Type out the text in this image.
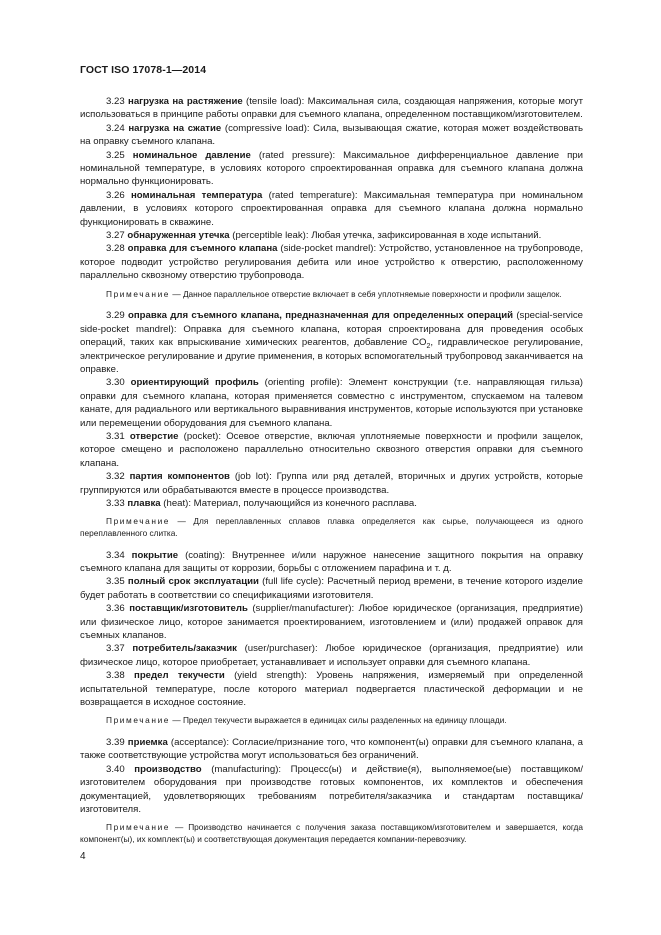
ГОСТ ISO 17078-1—2014

3.23 нагрузка на растяжение (tensile load): Максимальная сила, создающая напряжения, которые могут использоваться в принципе работы оправки для съемного клапана, определенном поставщиком/изготовителем.

3.24 нагрузка на сжатие (compressive load): Сила, вызывающая сжатие, которая может воздействовать на оправку съемного клапана.

3.25 номинальное давление (rated pressure): Максимальное дифференциальное давление при номинальной температуре, в условиях которого спроектированная оправка для съемного клапана должна нормально функционировать.

3.26 номинальная температура (rated temperature): Максимальная температура при номинальном давлении, в условиях которого спроектированная оправка для съемного клапана должна нормально функционировать в скважине.

3.27 обнаруженная утечка (perceptible leak): Любая утечка, зафиксированная в ходе испытаний.

3.28 оправка для съемного клапана (side-pocket mandrel): Устройство, установленное на трубопроводе, которое подводит устройство регулирования дебита или иное устройство к отверстию, расположенному параллельно сквозному отверстию трубопровода.

Примечание — Данное параллельное отверстие включает в себя уплотняемые поверхности и профили защелок.

3.29 оправка для съемного клапана, предназначенная для определенных операций (special-service side-pocket mandrel): Оправка для съемного клапана, которая спроектирована для проведения особых операций, таких как впрыскивание химических реагентов, добавление $CO_2$, гидравлическое регулирование, электрическое регулирование и другие применения, в которых вспомогательный трубопровод заканчивается на оправке.

3.30 ориентирующий профиль (orienting profile): Элемент конструкции (т.е. направляющая гильза) оправки для съемного клапана, которая применяется совместно с инструментом, спускаемом на талевом канате, для радиального или вертикального выравнивания инструментов, которые используются при установке или перемещении оборудования для съемного клапана.

3.31 отверстие (pocket): Осевое отверстие, включая уплотняемые поверхности и профили защелок, которое смещено и расположено параллельно относительно сквозного отверстия оправки для съемного клапана.

3.32 партия компонентов (job lot): Группа или ряд деталей, вторичных и других устройств, которые группируются или обрабатываются вместе в процессе производства.

3.33 плавка (heat): Материал, получающийся из конечного расплава.

Примечание — Для переплавленных сплавов плавка определяется как сырье, получающееся из одного переплавленного слитка.

3.34 покрытие (coating): Внутреннее и/или наружное нанесение защитного покрытия на оправку съемного клапана для защиты от коррозии, борьбы с отложением парафина и т. д.

3.35 полный срок эксплуатации (full life cycle): Расчетный период времени, в течение которого изделие будет работать в соответствии со спецификациями изготовителя.

3.36 поставщик/изготовитель (supplier/manufacturer): Любое юридическое (организация, предприятие) или физическое лицо, которое занимается проектированием, изготовлением и (или) продажей оправок для съемных клапанов.

3.37 потребитель/заказчик (user/purchaser): Любое юридическое (организация, предприятие) или физическое лицо, которое приобретает, устанавливает и использует оправки для съемного клапана.

3.38 предел текучести (yield strength): Уровень напряжения, измеряемый при определенной испытательной температуре, после которого материал подвергается пластической деформации и не возвращается в исходное состояние.

Примечание — Предел текучести выражается в единицах силы разделенных на единицу площади.

3.39 приемка (acceptance): Согласие/признание того, что компонент(ы) оправки для съемного клапана, а также соответствующие устройства могут использоваться без ограничений.

3.40 производство (manufacturing): Процесс(ы) и действие(я), выполняемое(ые) поставщиком/изготовителем оборудования при производстве готовых компонентов, их комплектов и обеспечения документацией, удовлетворяющих требованиям потребителя/заказчика и стандартам поставщика/изготовителя.

Примечание — Производство начинается с получения заказа поставщиком/изготовителем и завершается, когда компонент(ы), их комплект(ы) и соответствующая документация передается компании-перевозчику.

4
